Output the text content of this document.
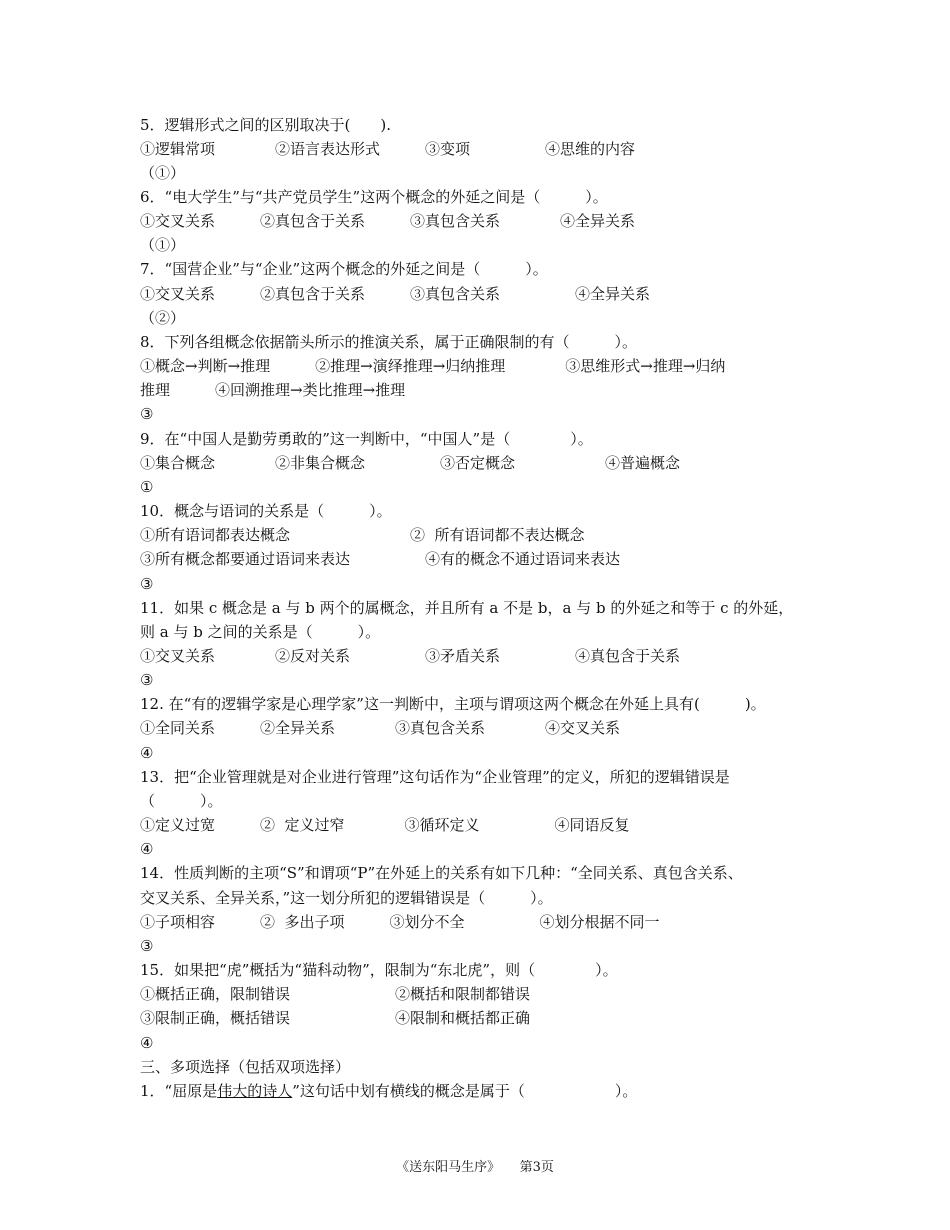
5．逻辑形式之间的区别取决于(　　).
①逻辑常项　　　　②语言表达形式　　　③变项　　　　　④思维的内容
（①）
6．“电大学生”与“共产党员学生”这两个概念的外延之间是（　　　）。
①交叉关系　　　②真包含于关系　　　③真包含关系　　　　④全异关系
（①）
7．“国营企业”与“企业”这两个概念的外延之间是（　　　）。
①交叉关系　　　②真包含于关系　　　③真包含关系　　　　　④全异关系
（②）
8．下列各组概念依据箭头所示的推演关系，属于正确限制的有（　　　）。
①概念→判断→推理　　　②推理→演绎推理→归纳推理　　　　③思维形式→推理→归纳
推理　　　④回溯推理→类比推理→推理
③
9．在“中国人是勤劳勇敢的”这一判断中，“中国人”是（　　　　）。
①集合概念　　　　②非集合概念　　　　　③否定概念　　　　　　④普遍概念
①
10．概念与语词的关系是（　　　）。
①所有语词都表达概念　　　　　　　　②  所有语词都不表达概念
③所有概念都要通过语词来表达　　　　　④有的概念不通过语词来表达
③
11．如果 c 概念是 a 与 b 两个的属概念，并且所有 a 不是 b，a 与 b 的外延之和等于 c 的外延，
则 a 与 b 之间的关系是（　　　）。
①交叉关系　　　　②反对关系　　　　　③矛盾关系　　　　　④真包含于关系
③
12. 在“有的逻辑学家是心理学家”这一判断中，主项与谓项这两个概念在外延上具有(　　　)。
①全同关系　　　②全异关系　　　　③真包含关系　　　　④交叉关系
④
13．把“企业管理就是对企业进行管理”这句话作为“企业管理”的定义，所犯的逻辑错误是
（　　　）。
①定义过宽　　　②  定义过窄　　　　③循环定义　　　　　④同语反复
④
14．性质判断的主项“S”和谓项“P”在外延上的关系有如下几种：“全同关系、真包含关系、
交叉关系、全异关系，”这一划分所犯的逻辑错误是（　　　）。
①子项相容　　　②  多出子项　　　③划分不全　　　　　④划分根据不同一
③
15．如果把“虎”概括为“猫科动物”，限制为“东北虎”，则（　　　　）。
①概括正确，限制错误　　　　　　　②概括和限制都错误
③限制正确，概括错误　　　　　　　④限制和概括都正确
④
三、多项选择（包括双项选择）
1．“屈原是伟大的诗人”这句话中划有横线的概念是属于（　　　　　　）。
《送东阳马生序》　　第3页
